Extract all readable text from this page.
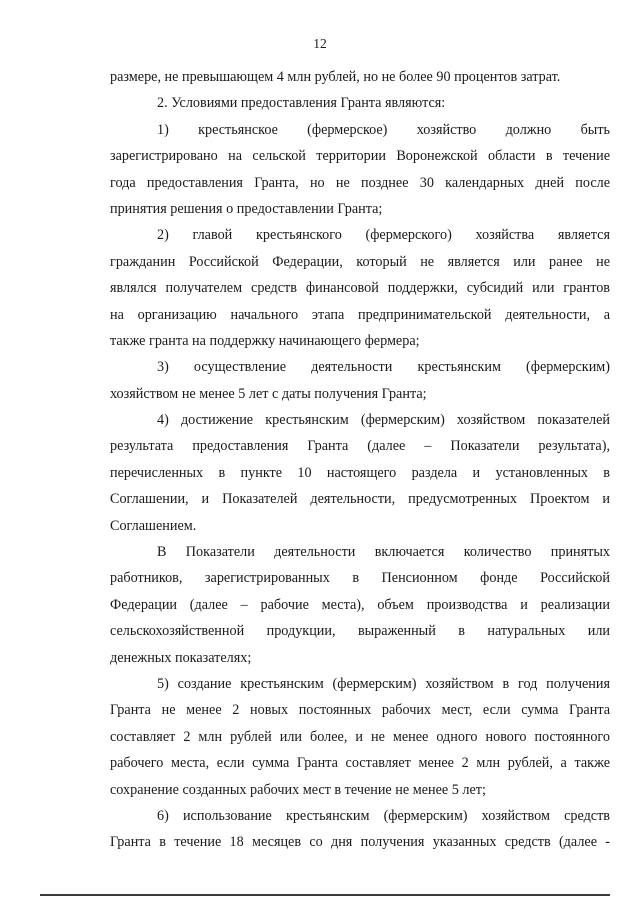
12
размере, не превышающем 4 млн рублей, но не более 90 процентов затрат.
2. Условиями предоставления Гранта являются:
1) крестьянское (фермерское) хозяйство должно быть
зарегистрировано на сельской территории Воронежской области в течение
года предоставления Гранта, но не позднее 30 календарных дней после
принятия решения о предоставлении Гранта;
2) главой крестьянского (фермерского) хозяйства является
гражданин Российской Федерации, который не является или ранее не
являлся получателем средств финансовой поддержки, субсидий или грантов
на организацию начального этапа предпринимательской деятельности, а
также гранта на поддержку начинающего фермера;
3) осуществление деятельности крестьянским (фермерским)
хозяйством не менее 5 лет с даты получения Гранта;
4) достижение крестьянским (фермерским) хозяйством показателей
результата предоставления Гранта (далее – Показатели результата),
перечисленных в пункте 10 настоящего раздела и установленных в
Соглашении, и Показателей деятельности, предусмотренных Проектом и
Соглашением.
В Показатели деятельности включается количество принятых
работников, зарегистрированных в Пенсионном фонде Российской
Федерации (далее – рабочие места), объем производства и реализации
сельскохозяйственной продукции, выраженный в натуральных или
денежных показателях;
5) создание крестьянским (фермерским) хозяйством в год получения
Гранта не менее 2 новых постоянных рабочих мест, если сумма Гранта
составляет 2 млн рублей или более, и не менее одного нового постоянного
рабочего места, если сумма Гранта составляет менее 2 млн рублей, а также
сохранение созданных рабочих мест в течение не менее 5 лет;
6) использование крестьянским (фермерским) хозяйством средств
Гранта в течение 18 месяцев со дня получения указанных средств (далее -
